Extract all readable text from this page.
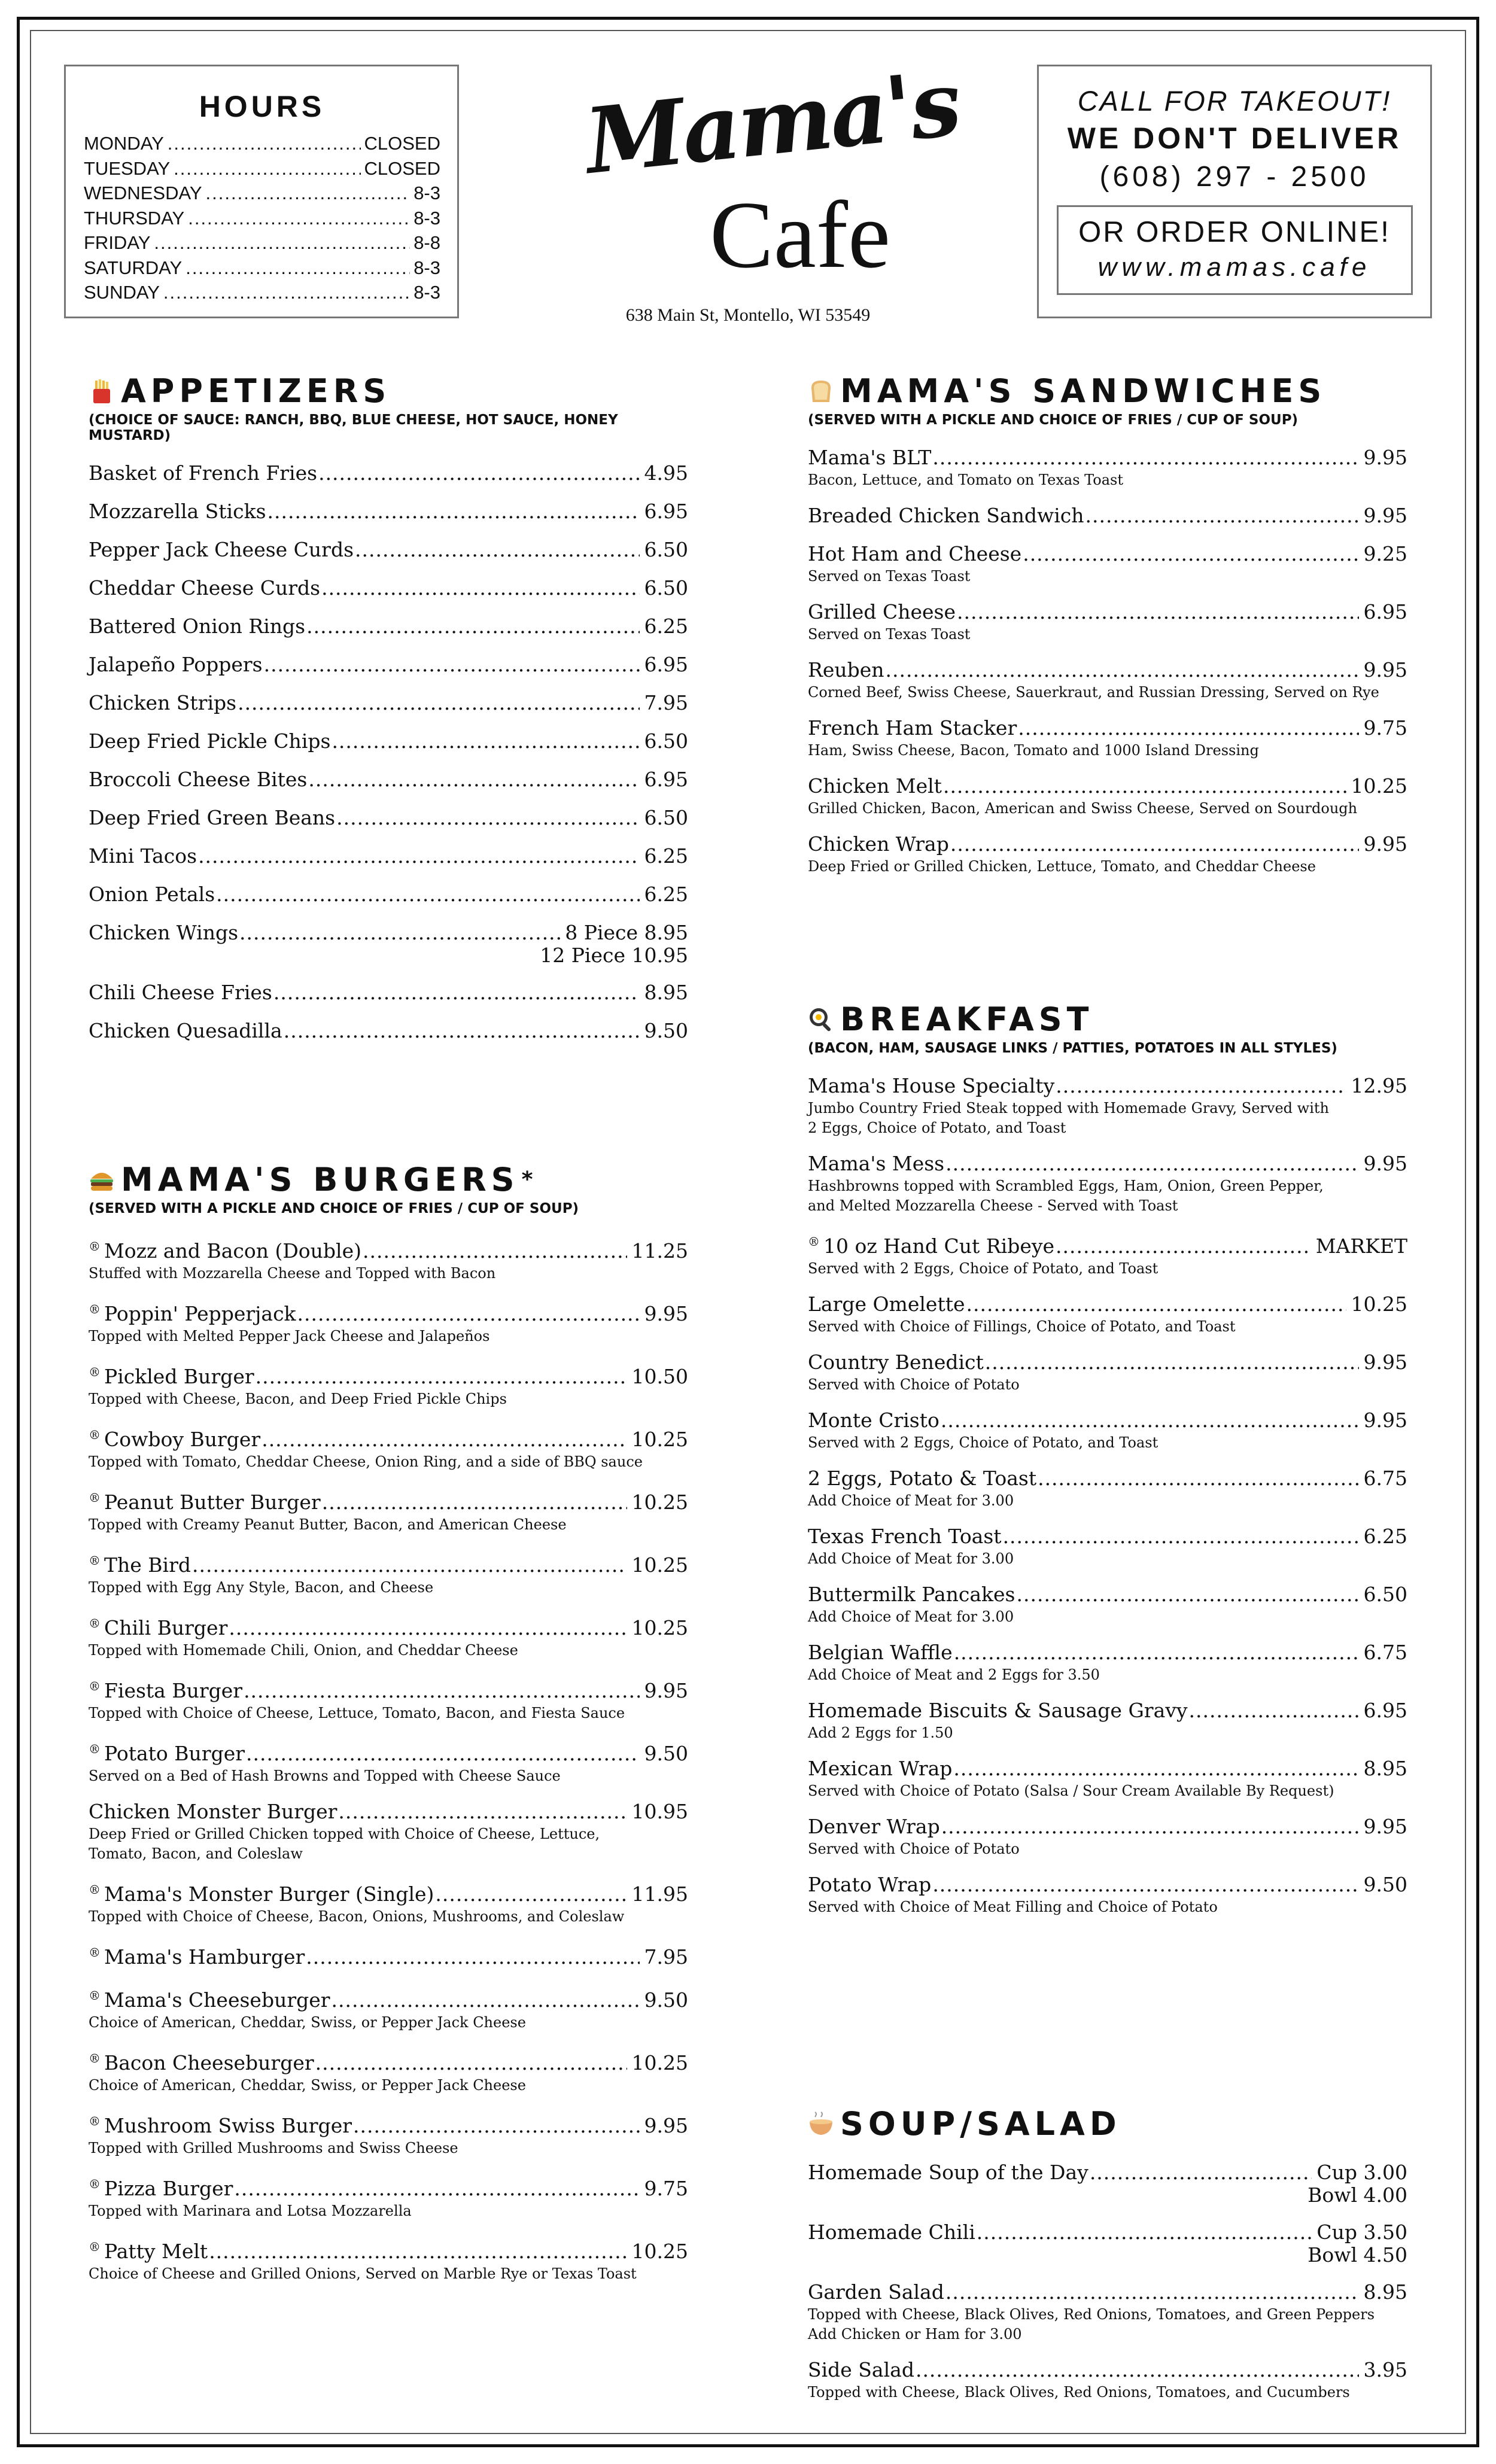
HOURS
MONDAY .....	CLOSED
TUESDAY .....	CLOSED
WEDNESDAY .....	8-3
THURSDAY .....	8-3
FRIDAY .....	8-8
SATURDAY .....	8-3
SUNDAY .....	8-3
Mama's
Cafe
638 Main St, Montello, WI 53549
CALL FOR TAKEOUT!
WE DON'T DELIVER
(608) 297 - 2500
OR ORDER ONLINE!
www.mamas.cafe
APPETIZERS
(CHOICE OF SAUCE: RANCH, BBQ, BLUE CHEESE, HOT SAUCE, HONEY MUSTARD)
Basket of French Fries .....	4.95
Mozzarella Sticks .....	6.95
Pepper Jack Cheese Curds .....	6.50
Cheddar Cheese Curds .....	6.50
Battered Onion Rings .....	6.25
Jalapeño Poppers .....	6.95
Chicken Strips .....	7.95
Deep Fried Pickle Chips .....	6.50
Broccoli Cheese Bites .....	6.95
Deep Fried Green Beans .....	6.50
Mini Tacos .....	6.25
Onion Petals .....	6.25
Chicken Wings .....	8 Piece 8.95
12 Piece 10.95
Chili Cheese Fries .....	8.95
Chicken Quesadilla .....	9.50
MAMA'S BURGERS *
(SERVED WITH A PICKLE AND CHOICE OF FRIES / CUP OF SOUP)
® Mozz and Bacon (Double) .....	11.25
Stuffed with Mozzarella Cheese and Topped with Bacon
® Poppin' Pepperjack .....	9.95
Topped with Melted Pepper Jack Cheese and Jalapeños
® Pickled Burger .....	10.50
Topped with Cheese, Bacon, and Deep Fried Pickle Chips
® Cowboy Burger .....	10.25
Topped with Tomato, Cheddar Cheese, Onion Ring, and a side of BBQ sauce
® Peanut Butter Burger .....	10.25
Topped with Creamy Peanut Butter, Bacon, and American Cheese
® The Bird .....	10.25
Topped with Egg Any Style, Bacon, and Cheese
® Chili Burger .....	10.25
Topped with Homemade Chili, Onion, and Cheddar Cheese
® Fiesta Burger .....	9.95
Topped with Choice of Cheese, Lettuce, Tomato, Bacon, and Fiesta Sauce
® Potato Burger .....	9.50
Served on a Bed of Hash Browns and Topped with Cheese Sauce
Chicken Monster Burger .....	10.95
Deep Fried or Grilled Chicken topped with Choice of Cheese, Lettuce,
Tomato, Bacon, and Coleslaw
® Mama's Monster Burger (Single) .....	11.95
Topped with Choice of Cheese, Bacon, Onions, Mushrooms, and Coleslaw
® Mama's Hamburger .....	7.95
® Mama's Cheeseburger .....	9.50
Choice of American, Cheddar, Swiss, or Pepper Jack Cheese
® Bacon Cheeseburger .....	10.25
Choice of American, Cheddar, Swiss, or Pepper Jack Cheese
® Mushroom Swiss Burger .....	9.95
Topped with Grilled Mushrooms and Swiss Cheese
® Pizza Burger .....	9.75
Topped with Marinara and Lotsa Mozzarella
® Patty Melt .....	10.25
Choice of Cheese and Grilled Onions, Served on Marble Rye or Texas Toast
MAMA'S SANDWICHES
(SERVED WITH A PICKLE AND CHOICE OF FRIES / CUP OF SOUP)
Mama's BLT .....	9.95
Bacon, Lettuce, and Tomato on Texas Toast
Breaded Chicken Sandwich .....	9.95
Hot Ham and Cheese .....	9.25
Served on Texas Toast
Grilled Cheese .....	6.95
Served on Texas Toast
Reuben .....	9.95
Corned Beef, Swiss Cheese, Sauerkraut, and Russian Dressing, Served on Rye
French Ham Stacker .....	9.75
Ham, Swiss Cheese, Bacon, Tomato and 1000 Island Dressing
Chicken Melt .....	10.25
Grilled Chicken, Bacon, American and Swiss Cheese, Served on Sourdough
Chicken Wrap .....	9.95
Deep Fried or Grilled Chicken, Lettuce, Tomato, and Cheddar Cheese
BREAKFAST
(BACON, HAM, SAUSAGE LINKS / PATTIES, POTATOES IN ALL STYLES)
Mama's House Specialty .....	12.95
Jumbo Country Fried Steak topped with Homemade Gravy, Served with
2 Eggs, Choice of Potato, and Toast
Mama's Mess .....	9.95
Hashbrowns topped with Scrambled Eggs, Ham, Onion, Green Pepper,
and Melted Mozzarella Cheese - Served with Toast
® 10 oz Hand Cut Ribeye .....	MARKET
Served with 2 Eggs, Choice of Potato, and Toast
Large Omelette .....	10.25
Served with Choice of Fillings, Choice of Potato, and Toast
Country Benedict .....	9.95
Served with Choice of Potato
Monte Cristo .....	9.95
Served with 2 Eggs, Choice of Potato, and Toast
2 Eggs, Potato & Toast .....	6.75
Add Choice of Meat for 3.00
Texas French Toast .....	6.25
Add Choice of Meat for 3.00
Buttermilk Pancakes .....	6.50
Add Choice of Meat for 3.00
Belgian Waffle .....	6.75
Add Choice of Meat and 2 Eggs for 3.50
Homemade Biscuits & Sausage Gravy .....	6.95
Add 2 Eggs for 1.50
Mexican Wrap .....	8.95
Served with Choice of Potato (Salsa / Sour Cream Available By Request)
Denver Wrap .....	9.95
Served with Choice of Potato
Potato Wrap .....	9.50
Served with Choice of Meat Filling and Choice of Potato
SOUP/SALAD
Homemade Soup of the Day .....	Cup 3.00
Bowl 4.00
Homemade Chili .....	Cup 3.50
Bowl 4.50
Garden Salad .....	8.95
Topped with Cheese, Black Olives, Red Onions, Tomatoes, and Green Peppers
Add Chicken or Ham for 3.00
Side Salad .....	3.95
Topped with Cheese, Black Olives, Red Onions, Tomatoes, and Cucumbers
